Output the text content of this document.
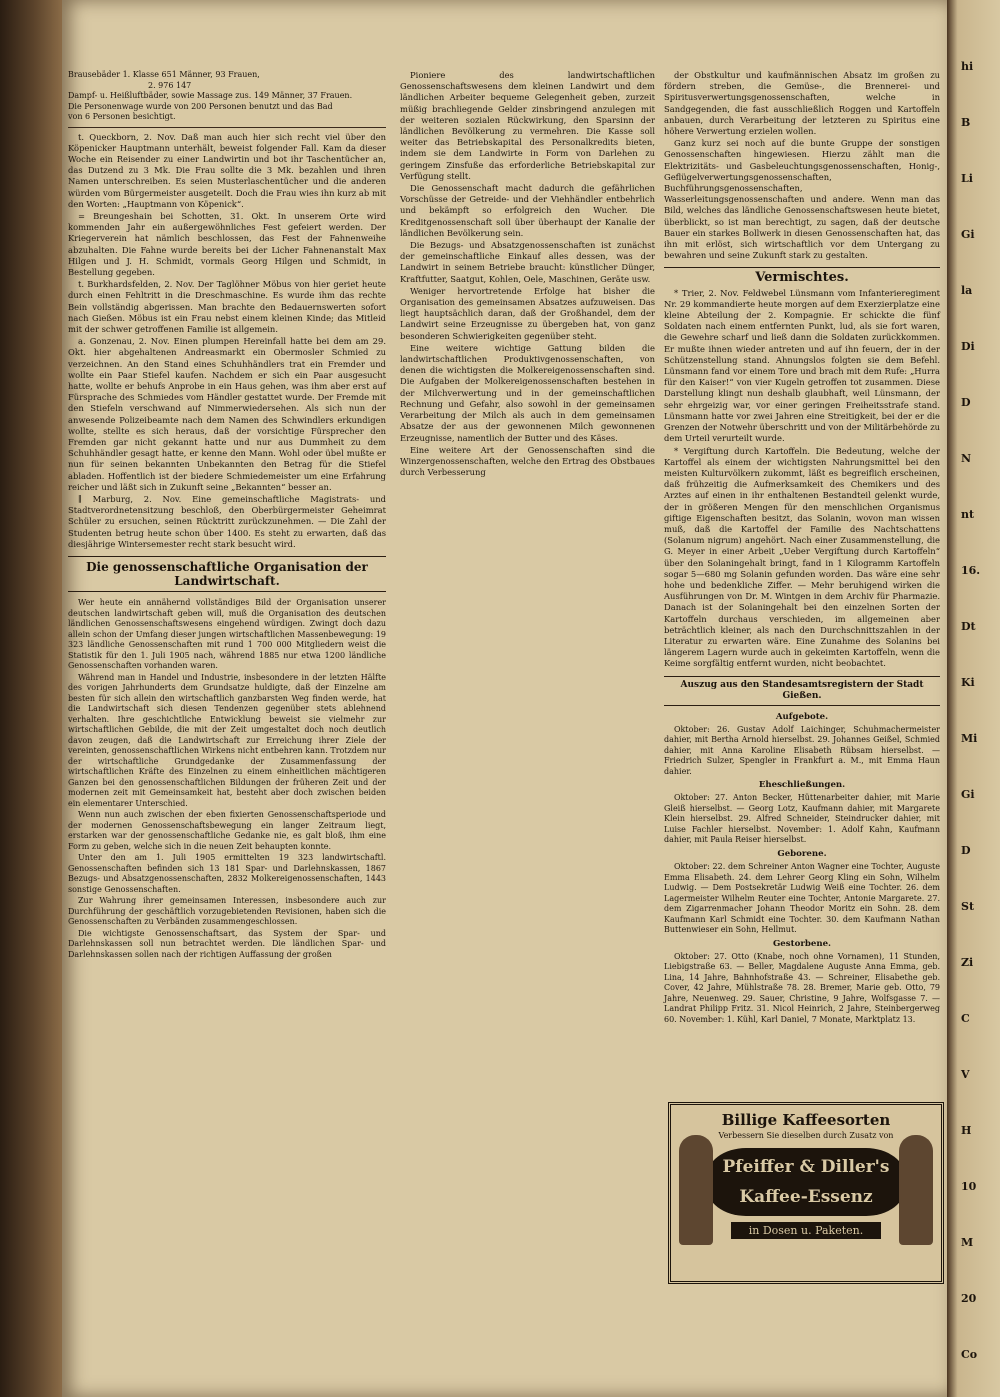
Brausebäder 1. Klasse 651 Männer, 93 Frauen,
2. 976 147
Dampf- u. Heißluftbäder, sowie Massage zus. 149 Männer, 37 Frauen.
Die Personenwage wurde von 200 Personen benutzt und das Bad
von 6 Personen besichtigt.

t. Queckborn, 2. Nov. Daß man auch hier sich recht viel über den Köpenicker Hauptmann unterhält, beweist folgender Fall. Kam da dieser Woche ein Reisender zu einer Landwirtin und bot ihr Taschentücher an, das Dutzend zu 3 Mk. Die Frau sollte die 3 Mk. bezahlen und ihren Namen unterschreiben. Es seien Musterlaschentücher und die anderen würden vom Bürgermeister ausgeteilt. Doch die Frau wies ihn kurz ab mit den Worten: „Hauptmann von Köpenick“.

= Breungeshain bei Schotten, 31. Okt. In unserem Orte wird kommenden Jahr ein außergewöhnliches Fest gefeiert werden. Der Kriegerverein hat nämlich beschlossen, das Fest der Fahnenweihe abzuhalten. Die Fahne wurde bereits bei der Licher Fahnenanstalt Max Hilgen und J. H. Schmidt, vormals Georg Hilgen und Schmidt, in Bestellung gegeben.

t. Burkhardsfelden, 2. Nov. Der Taglöhner Möbus von hier geriet heute durch einen Fehltritt in die Dreschmaschine. Es wurde ihm das rechte Bein vollständig abgerissen. Man brachte den Bedauernswerten sofort nach Gießen. Möbus ist ein Frau nebst einem kleinen Kinde; das Mitleid mit der schwer getroffenen Familie ist allgemein.

a. Gonzenau, 2. Nov. Einen plumpen Hereinfall hatte bei dem am 29. Okt. hier abgehaltenen Andreasmarkt ein Obermosler Schmied zu verzeichnen. An den Stand eines Schuhhändlers trat ein Fremder und wollte ein Paar Stiefel kaufen. Nachdem er sich ein Paar ausgesucht hatte, wollte er behufs Anprobe in ein Haus gehen, was ihm aber erst auf Fürsprache des Schmiedes vom Händler gestattet wurde. Der Fremde mit den Stiefeln verschwand auf Nimmerwiedersehen. Als sich nun der anwesende Polizeibeamte nach dem Namen des Schwindlers erkundigen wollte, stellte es sich heraus, daß der vorsichtige Fürsprecher den Fremden gar nicht gekannt hatte und nur aus Dummheit zu dem Schuhhändler gesagt hatte, er kenne den Mann. Wohl oder übel mußte er nun für seinen bekannten Unbekannten den Betrag für die Stiefel abladen. Hoffentlich ist der biedere Schmiedemeister um eine Erfahrung reicher und läßt sich in Zukunft seine „Bekannten“ besser an.

∥ Marburg, 2. Nov. Eine gemeinschaftliche Magistrats- und Stadtverordnetensitzung beschloß, den Oberbürgermeister Geheimrat Schüler zu ersuchen, seinen Rücktritt zurückzunehmen. — Die Zahl der Studenten betrug heute schon über 1400. Es steht zu erwarten, daß das diesjährige Wintersemester recht stark besucht wird.

Die genossenschaftliche Organisation der
Landwirtschaft.

Wer heute ein annähernd vollständiges Bild der Organisation unserer deutschen landwirtschaft geben will, muß die Organisation des deutschen ländlichen Genossenschaftswesens eingehend würdigen. Zwingt doch dazu allein schon der Umfang dieser jungen wirtschaftlichen Massenbewegung: 19 323 ländliche Genossenschaften mit rund 1 700 000 Mitgliedern weist die Statistik für den 1. Juli 1905 nach, während 1885 nur etwa 1200 ländliche Genossenschaften vorhanden waren.

Während man in Handel und Industrie, insbesondere in der letzten Hälfte des vorigen Jahrhunderts dem Grundsatze huldigte, daß der Einzelne am besten für sich allein den wirtschaftlich ganzbarsten Weg finden werde, hat die Landwirtschaft sich diesen Tendenzen gegenüber stets ablehnend verhalten. Ihre geschichtliche Entwicklung beweist sie vielmehr zur wirtschaftlichen Gebilde, die mit der Zeit umgestaltet doch noch deutlich davon zeugen, daß die Landwirtschaft zur Erreichung ihrer Ziele der vereinten, genossenschaftlichen Wirkens nicht entbehren kann. Trotzdem nur der wirtschaftliche Grundgedanke der Zusammenfassung der wirtschaftlichen Kräfte des Einzelnen zu einem einheitlichen mächtigeren Ganzen bei den genossenschaftlichen Bildungen der früheren Zeit und der modernen zeit mit Gemeinsamkeit hat, besteht aber doch zwischen beiden ein elementarer Unterschied.

Wenn nun auch zwischen der eben fixierten Genossenschaftsperiode und der modernen Genossenschaftsbewegung ein langer Zeitraum liegt, erstarken war der genossenschaftliche Gedanke nie, es galt bloß, ihm eine Form zu geben, welche sich in die neuen Zeit behaupten konnte.

Unter den am 1. Juli 1905 ermittelten 19 323 landwirtschaftl. Genossenschaften befinden sich 13 181 Spar- und Darlehnskassen, 1867 Bezugs- und Absatzgenossenschaften, 2832 Molkereigenossenschaften, 1443 sonstige Genossenschaften.

Zur Wahrung ihrer gemeinsamen Interessen, insbesondere auch zur Durchführung der geschäftlich vorzugebietenden Revisionen, haben sich die Genossenschaften zu Verbänden zusammengeschlossen.

Die wichtigste Genossenschaftsart, das System der Spar- und Darlehnskassen soll nun betrachtet werden. Die ländlichen Spar- und Darlehnskassen sollen nach der richtigen Auffassung der großen

Pioniere des landwirtschaftlichen Genossenschaftswesens dem kleinen Landwirt und dem ländlichen Arbeiter bequeme Gelegenheit geben, zurzeit müßig brachliegende Gelder zinsbringend anzulegen mit der weiteren sozialen Rückwirkung, den Sparsinn der ländlichen Bevölkerung zu vermehren. Die Kasse soll weiter das Betriebskapital des Personalkredits bieten, indem sie dem Landwirte in Form von Darlehen zu geringem Zinsfuße das erforderliche Betriebskapital zur Verfügung stellt.

Die Genossenschaft macht dadurch die gefährlichen Vorschüsse der Getreide- und der Viehhändler entbehrlich und bekämpft so erfolgreich den Wucher. Die Kreditgenossenschaft soll über überhaupt der Kanalie der ländlichen Bevölkerung sein.

Die Bezugs- und Absatzgenossenschaften ist zunächst der gemeinschaftliche Einkauf alles dessen, was der Landwirt in seinem Betriebe braucht: künstlicher Dünger, Kraftfutter, Saatgut, Kohlen, Oele, Maschinen, Geräte usw.

Weniger hervortretende Erfolge hat bisher die Organisation des gemeinsamen Absatzes aufzuweisen. Das liegt hauptsächlich daran, daß der Großhandel, dem der Landwirt seine Erzeugnisse zu übergeben hat, von ganz besonderen Schwierigkeiten gegenüber steht.

Eine weitere wichtige Gattung bilden die landwirtschaftlichen Produktivgenossenschaften, von denen die wichtigsten die Molkereigenossenschaften sind. Die Aufgaben der Molkereigenossenschaften bestehen in der Milchverwertung und in der gemeinschaftlichen Rechnung und Gefahr, also sowohl in der gemeinsamen Verarbeitung der Milch als auch in dem gemeinsamen Absatze der aus der gewonnenen Milch gewonnenen Erzeugnisse, namentlich der Butter und des Käses.

Eine weitere Art der Genossenschaften sind die Winzergenossenschaften, welche den Ertrag des Obstbaues durch Verbesserung

der Obstkultur und kaufmännischen Absatz im großen zu fördern streben, die Gemüse-, die Brennerei- und Spiritusverwertungsgenossenschaften, welche in Sandgegenden, die fast ausschließlich Roggen und Kartoffeln anbauen, durch Verarbeitung der letzteren zu Spiritus eine höhere Verwertung erzielen wollen.

Ganz kurz sei noch auf die bunte Gruppe der sonstigen Genossenschaften hingewiesen. Hierzu zählt man die Elektrizitäts- und Gasbeleuchtungsgenossenschaften, Honig-, Geflügelverwertungsgenossenschaften, Buchführungsgenossenschaften, Wasserleitungsgenossenschaften und andere. Wenn man das Bild, welches das ländliche Genossenschaftswesen heute bietet, überblickt, so ist man berechtigt, zu sagen, daß der deutsche Bauer ein starkes Bollwerk in diesen Genossenschaften hat, das ihn mit erlöst, sich wirtschaftlich vor dem Untergang zu bewahren und seine Zukunft stark zu gestalten.

Vermischtes.

* Trier, 2. Nov. Feldwebel Lünsmann vom Infanterieregiment Nr. 29 kommandierte heute morgen auf dem Exerzierplatze eine kleine Abteilung der 2. Kompagnie. Er schickte die fünf Soldaten nach einem entfernten Punkt, lud, als sie fort waren, die Gewehre scharf und ließ dann die Soldaten zurückkommen. Er mußte ihnen wieder antreten und auf ihn feuern, der in der Schützenstellung stand. Ahnungslos folgten sie dem Befehl. Lünsmann fand vor einem Tore und brach mit dem Rufe: „Hurra für den Kaiser!“ von vier Kugeln getroffen tot zusammen. Diese Darstellung klingt nun deshalb glaubhaft, weil Lünsmann, der sehr ehrgeizig war, vor einer geringen Freiheitsstrafe stand. Lünsmann hatte vor zwei Jahren eine Streitigkeit, bei der er die Grenzen der Notwehr überschritt und von der Militärbehörde zu dem Urteil verurteilt wurde.

* Vergiftung durch Kartoffeln. Die Bedeutung, welche der Kartoffel als einem der wichtigsten Nahrungsmittel bei den meisten Kulturvölkern zukommt, läßt es begreiflich erscheinen, daß frühzeitig die Aufmerksamkeit des Chemikers und des Arztes auf einen in ihr enthaltenen Bestandteil gelenkt wurde, der in größeren Mengen für den menschlichen Organismus giftige Eigenschaften besitzt, das Solanin, wovon man wissen muß, daß die Kartoffel der Familie des Nachtschattens (Solanum nigrum) angehört. Nach einer Zusammenstellung, die G. Meyer in einer Arbeit „Ueber Vergiftung durch Kartoffeln“ über den Solaningehalt bringt, fand in 1 Kilogramm Kartoffeln sogar 5—680 mg Solanin gefunden worden. Das wäre eine sehr hohe und bedenkliche Ziffer. — Mehr beruhigend wirken die Ausführungen von Dr. M. Wintgen in dem Archiv für Pharmazie. Danach ist der Solaningehalt bei den einzelnen Sorten der Kartoffeln durchaus verschieden, im allgemeinen aber beträchtlich kleiner, als nach den Durchschnittszahlen in der Literatur zu erwarten wäre. Eine Zunahme des Solanins bei längerem Lagern wurde auch in gekeimten Kartoffeln, wenn die Keime sorgfältig entfernt wurden, nicht beobachtet.

Auszug aus den Standesamtsregistern der Stadt Gießen.
Aufgebote.

Oktober: 26. Gustav Adolf Laichinger, Schuhmachermeister dahier, mit Bertha Arnold hierselbst. 29. Johannes Geißel, Schmied dahier, mit Anna Karoline Elisabeth Rübsam hierselbst. — Friedrich Sulzer, Spengler in Frankfurt a. M., mit Emma Haun dahier.

Eheschließungen.

Oktober: 27. Anton Becker, Hüttenarbeiter dahier, mit Marie Gleiß hierselbst. — Georg Lotz, Kaufmann dahier, mit Margarete Klein hierselbst. 29. Alfred Schneider, Steindrucker dahier, mit Luise Fachler hierselbst. November: 1. Adolf Kahn, Kaufmann dahier, mit Paula Reiser hierselbst.

Geborene.

Oktober: 22. dem Schreiner Anton Wagner eine Tochter, Auguste Emma Elisabeth. 24. dem Lehrer Georg Kling ein Sohn, Wilhelm Ludwig. — Dem Postsekretär Ludwig Weiß eine Tochter. 26. dem Lagermeister Wilhelm Reuter eine Tochter, Antonie Margarete. 27. dem Zigarrenmacher Johann Theodor Moritz ein Sohn. 28. dem Kaufmann Karl Schmidt eine Tochter. 30. dem Kaufmann Nathan Buttenwieser ein Sohn, Hellmut.

Gestorbene.

Oktober: 27. Otto (Knabe, noch ohne Vornamen), 11 Stunden, Liebigstraße 63. — Beller, Magdalene Auguste Anna Emma, geb. Lina, 14 Jahre, Bahnhofstraße 43. — Schreiner, Elisabethe geb. Cover, 42 Jahre, Mühlstraße 78. 28. Bremer, Marie geb. Otto, 79 Jahre, Neuenweg. 29. Sauer, Christine, 9 Jahre, Wolfsgasse 7. — Landrat Philipp Fritz. 31. Nicol Heinrich, 2 Jahre, Steinbergerweg 60. November: 1. Kühl, Karl Daniel, 7 Monate, Marktplatz 13.

Billige Kaffeesorten
Verbessern Sie dieselben durch Zusatz von
Pfeiffer & Diller's
Kaffee-Essenz
in Dosen u. Paketen.
hi
B
Li
Gi
la
Di
D
N
nt
16.
Dt
Ki
Mi
Gi
D
St
Zi
C
V
H
10
M
20
Co
